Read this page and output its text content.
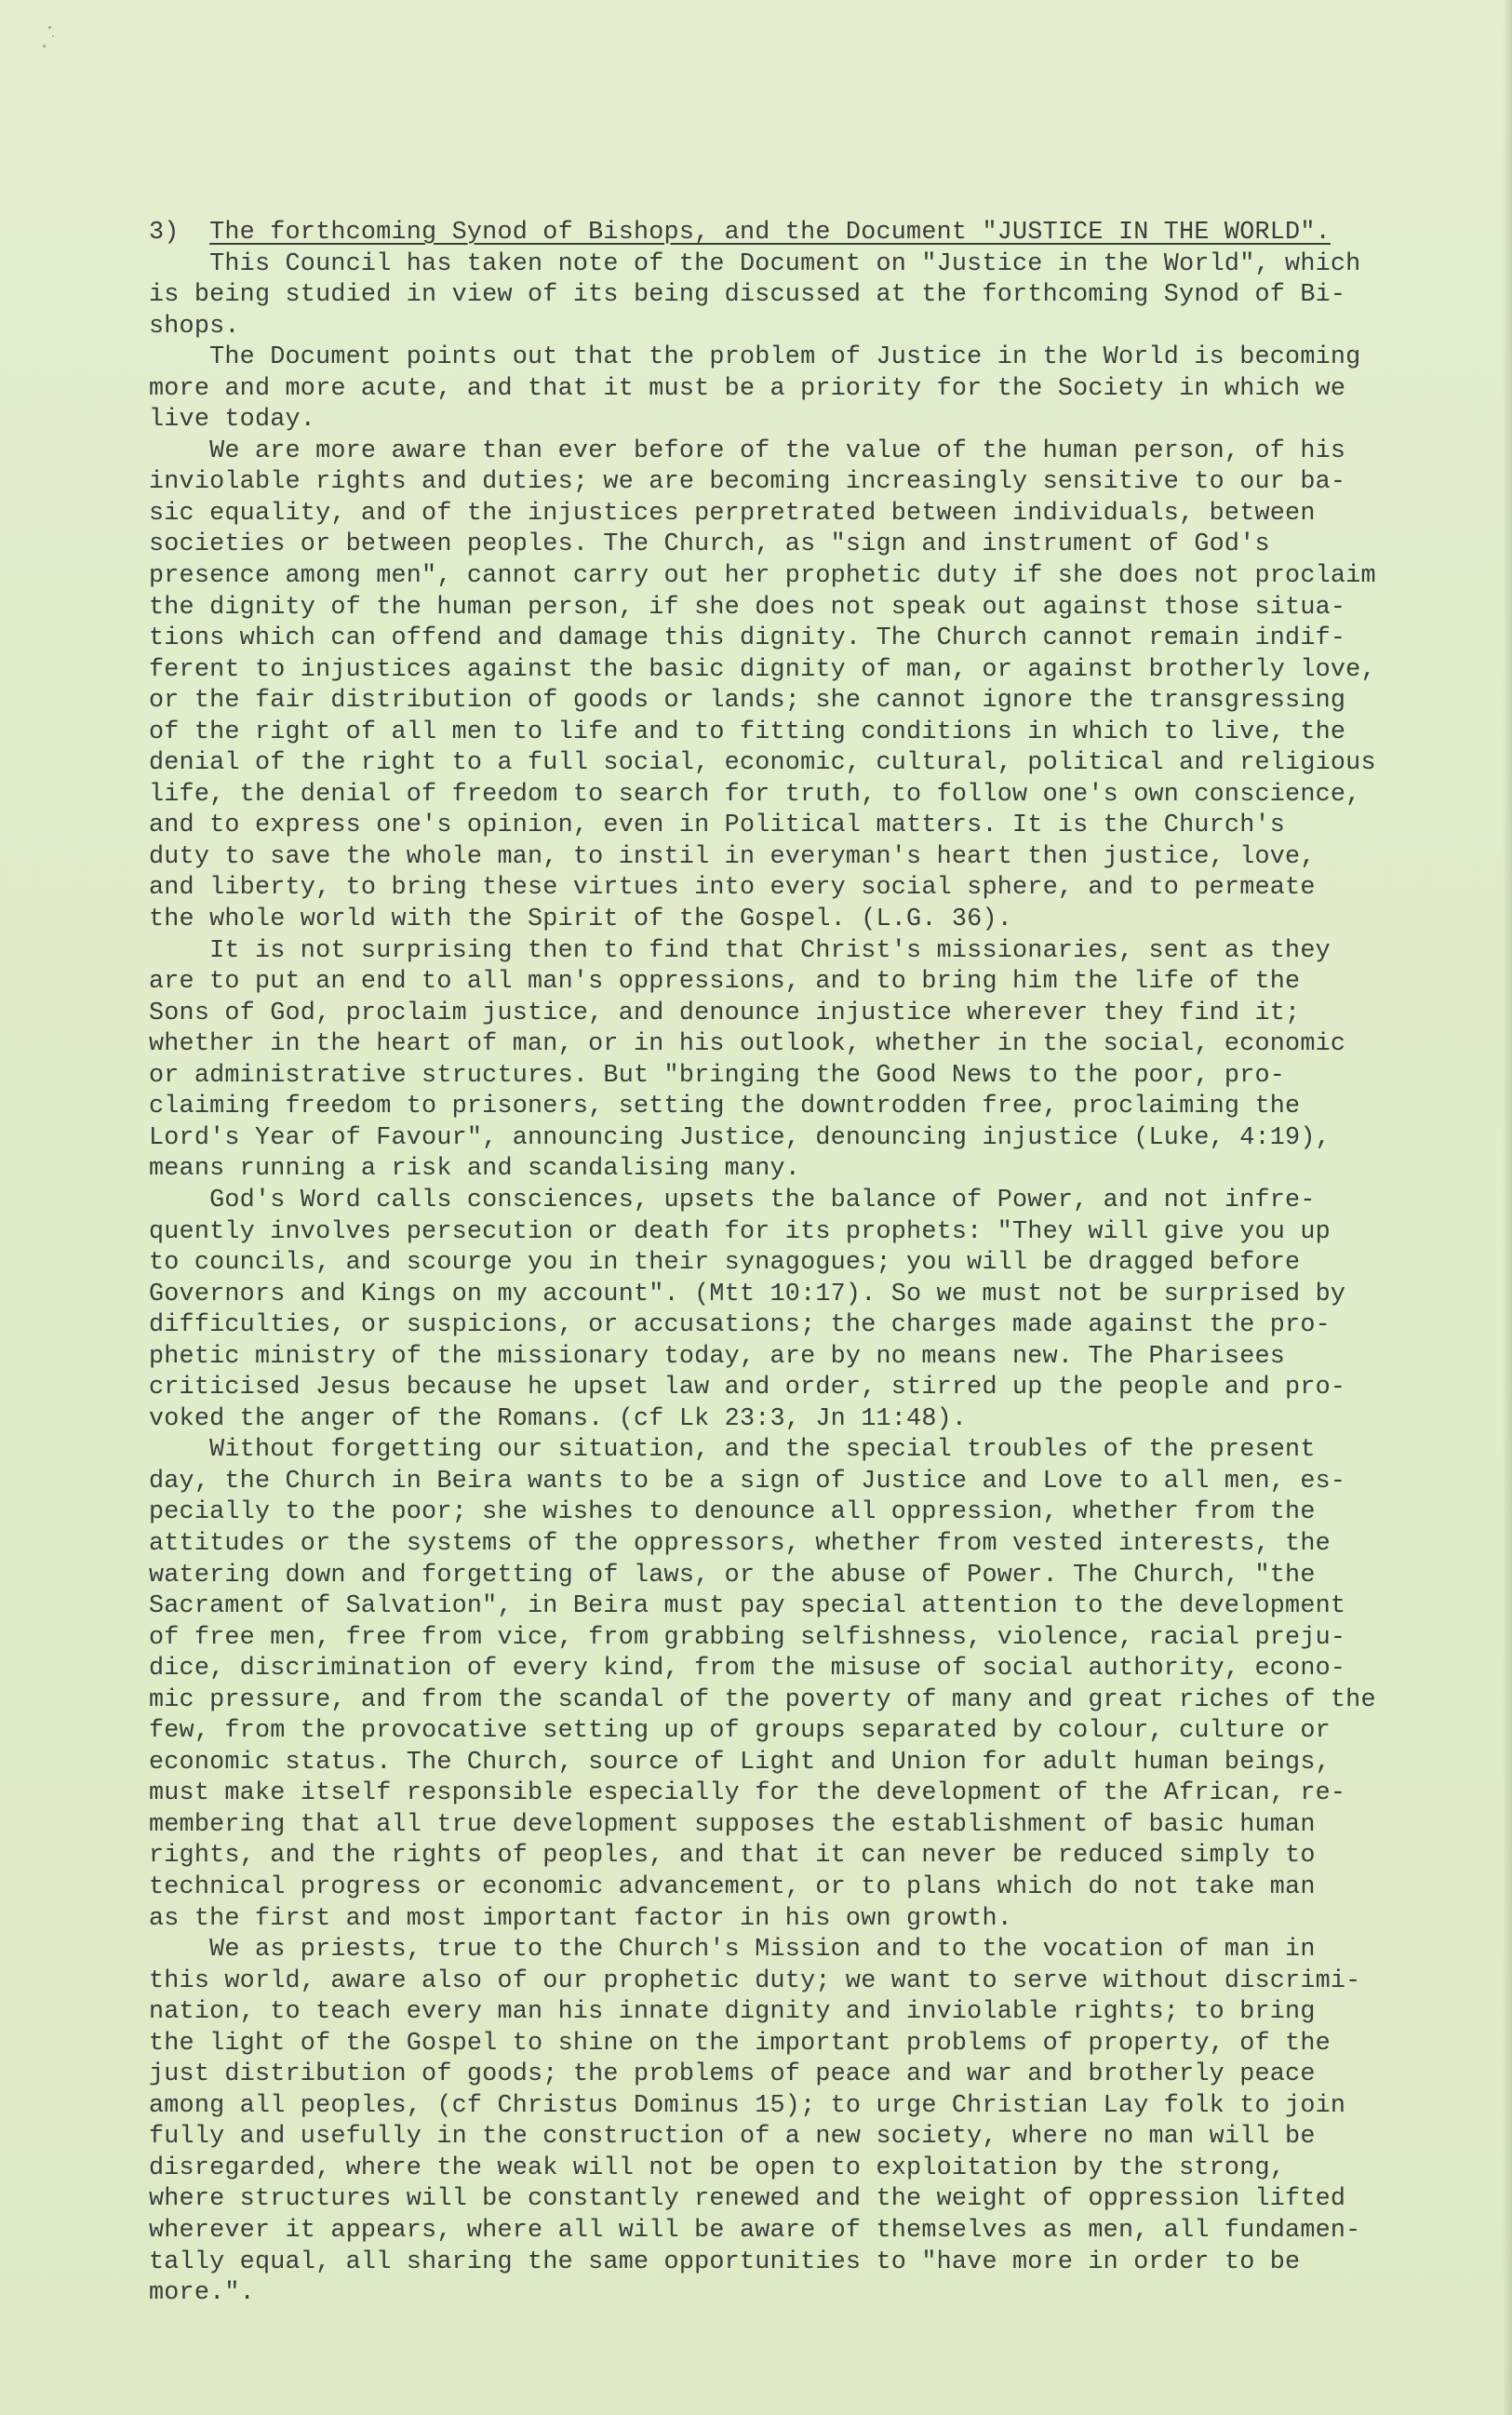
3) The forthcoming Synod of Bishops, and the Document "JUSTICE IN THE WORLD".
This Council has taken note of the Document on "Justice in the World", which
is being studied in view of its being discussed at the forthcoming Synod of Bi-
shops.
The Document points out that the problem of Justice in the World is becoming
more and more acute, and that it must be a priority for the Society in which we
live today.
We are more aware than ever before of the value of the human person, of his
inviolable rights and duties; we are becoming increasingly sensitive to our ba-
sic equality, and of the injustices perpretrated between individuals, between
societies or between peoples. The Church, as "sign and instrument of God's
presence among men", cannot carry out her prophetic duty if she does not proclaim
the dignity of the human person, if she does not speak out against those situa-
tions which can offend and damage this dignity. The Church cannot remain indif-
ferent to injustices against the basic dignity of man, or against brotherly love,
or the fair distribution of goods or lands; she cannot ignore the transgressing
of the right of all men to life and to fitting conditions in which to live, the
denial of the right to a full social, economic, cultural, political and religious
life, the denial of freedom to search for truth, to follow one's own conscience,
and to express one's opinion, even in Political matters. It is the Church's
duty to save the whole man, to instil in everyman's heart then justice, love,
and liberty, to bring these virtues into every social sphere, and to permeate
the whole world with the Spirit of the Gospel. (L.G. 36).
It is not surprising then to find that Christ's missionaries, sent as they
are to put an end to all man's oppressions, and to bring him the life of the
Sons of God, proclaim justice, and denounce injustice wherever they find it;
whether in the heart of man, or in his outlook, whether in the social, economic
or administrative structures. But "bringing the Good News to the poor, pro-
claiming freedom to prisoners, setting the downtrodden free, proclaiming the
Lord's Year of Favour", announcing Justice, denouncing injustice (Luke, 4:19),
means running a risk and scandalising many.
God's Word calls consciences, upsets the balance of Power, and not infre-
quently involves persecution or death for its prophets: "They will give you up
to councils, and scourge you in their synagogues; you will be dragged before
Governors and Kings on my account". (Mtt 10:17). So we must not be surprised by
difficulties, or suspicions, or accusations; the charges made against the pro-
phetic ministry of the missionary today, are by no means new. The Pharisees
criticised Jesus because he upset law and order, stirred up the people and pro-
voked the anger of the Romans. (cf Lk 23:3, Jn 11:48).
Without forgetting our situation, and the special troubles of the present
day, the Church in Beira wants to be a sign of Justice and Love to all men, es-
pecially to the poor; she wishes to denounce all oppression, whether from the
attitudes or the systems of the oppressors, whether from vested interests, the
watering down and forgetting of laws, or the abuse of Power. The Church, "the
Sacrament of Salvation", in Beira must pay special attention to the development
of free men, free from vice, from grabbing selfishness, violence, racial preju-
dice, discrimination of every kind, from the misuse of social authority, econo-
mic pressure, and from the scandal of the poverty of many and great riches of the
few, from the provocative setting up of groups separated by colour, culture or
economic status. The Church, source of Light and Union for adult human beings,
must make itself responsible especially for the development of the African, re-
membering that all true development supposes the establishment of basic human
rights, and the rights of peoples, and that it can never be reduced simply to
technical progress or economic advancement, or to plans which do not take man
as the first and most important factor in his own growth.
We as priests, true to the Church's Mission and to the vocation of man in
this world, aware also of our prophetic duty; we want to serve without discrimi-
nation, to teach every man his innate dignity and inviolable rights; to bring
the light of the Gospel to shine on the important problems of property, of the
just distribution of goods; the problems of peace and war and brotherly peace
among all peoples, (cf Christus Dominus 15); to urge Christian Lay folk to join
fully and usefully in the construction of a new society, where no man will be
disregarded, where the weak will not be open to exploitation by the strong,
where structures will be constantly renewed and the weight of oppression lifted
wherever it appears, where all will be aware of themselves as men, all fundamen-
tally equal, all sharing the same opportunities to "have more in order to be
more.".
